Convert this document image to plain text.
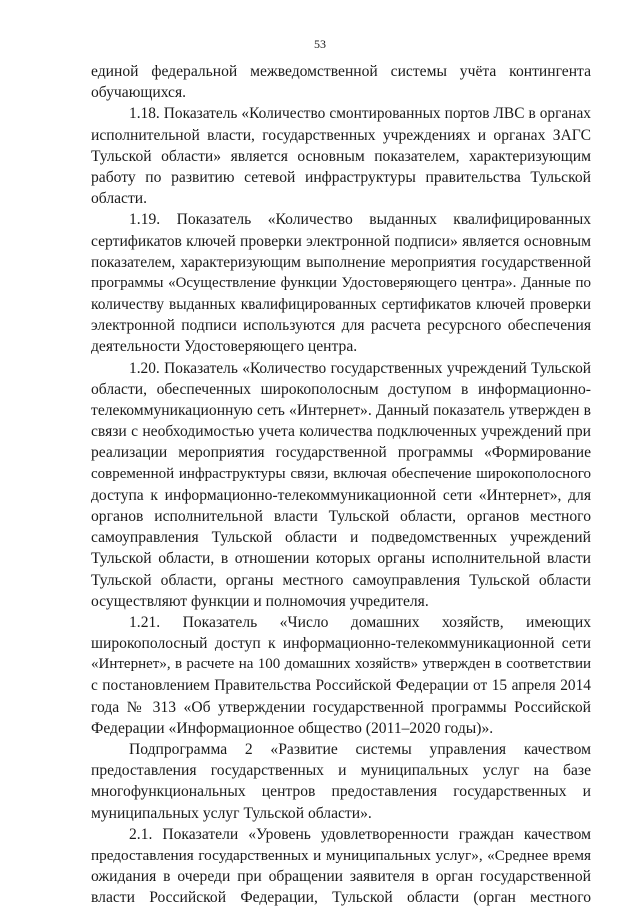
53
единой федеральной межведомственной системы учёта контингента
обучающихся.
1.18. Показатель «Количество смонтированных портов ЛВС в органах
исполнительной власти, государственных учреждениях и органах ЗАГС
Тульской области» является основным показателем, характеризующим
работу по развитию сетевой инфраструктуры правительства Тульской
области.
1.19. Показатель «Количество выданных квалифицированных
сертификатов ключей проверки электронной подписи» является основным
показателем, характеризующим выполнение мероприятия государственной
программы «Осуществление функции Удостоверяющего центра». Данные по
количеству выданных квалифицированных сертификатов ключей проверки
электронной подписи используются для расчета ресурсного обеспечения
деятельности Удостоверяющего центра.
1.20. Показатель «Количество государственных учреждений Тульской
области, обеспеченных широкополосным доступом в информационно-
телекоммуникационную сеть «Интернет». Данный показатель утвержден в
связи с необходимостью учета количества подключенных учреждений при
реализации мероприятия государственной программы «Формирование
современной инфраструктуры связи, включая обеспечение широкополосного
доступа к информационно-телекоммуникационной сети «Интернет», для
органов исполнительной власти Тульской области, органов местного
самоуправления Тульской области и подведомственных учреждений
Тульской области, в отношении которых органы исполнительной власти
Тульской области, органы местного самоуправления Тульской области
осуществляют функции и полномочия учредителя.
1.21. Показатель «Число домашних хозяйств, имеющих
широкополосный доступ к информационно-телекоммуникационной сети
«Интернет», в расчете на 100 домашних хозяйств» утвержден в соответствии
с постановлением Правительства Российской Федерации от 15 апреля 2014
года № 313 «Об утверждении государственной программы Российской
Федерации «Информационное общество (2011–2020 годы)».
Подпрограмма 2 «Развитие системы управления качеством
предоставления государственных и муниципальных услуг на базе
многофункциональных центров предоставления государственных и
муниципальных услуг Тульской области».
2.1. Показатели «Уровень удовлетворенности граждан качеством
предоставления государственных и муниципальных услуг», «Среднее время
ожидания в очереди при обращении заявителя в орган государственной
власти Российской Федерации, Тульской области (орган местного
